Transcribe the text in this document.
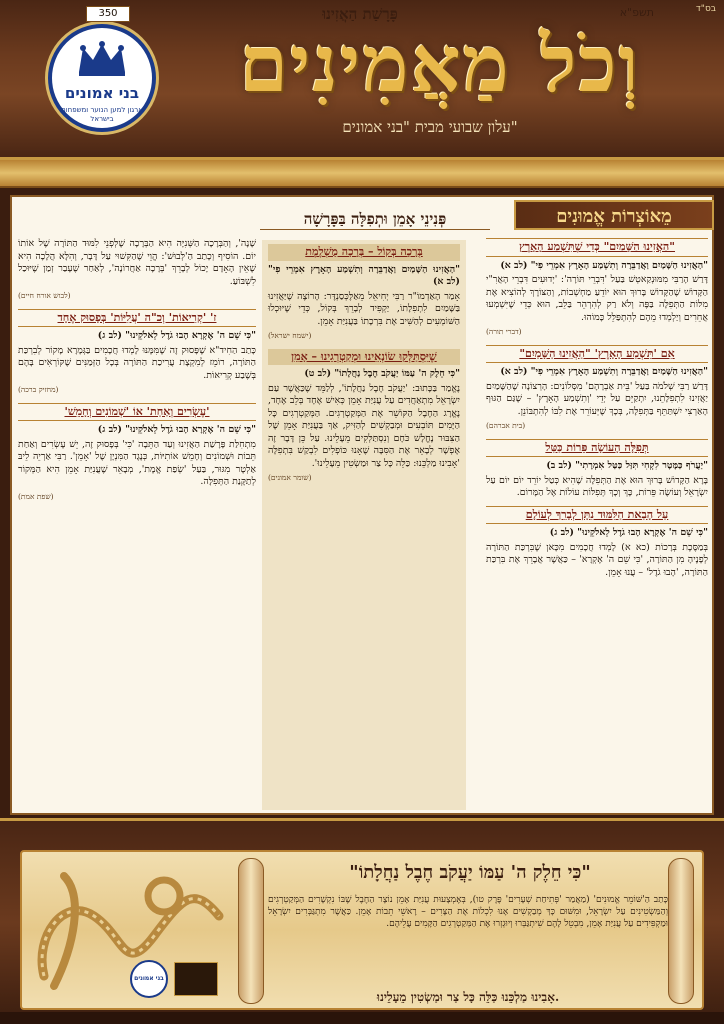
בס"ד
בני אמונים
ארגון למען הנוער ומשפחות בישראל
וְכֹל מַאֲמִינִים
עלון שבועי מבית "בני אמונים"
350	פָּרָשַׁת הַאֲזִינוּ	תשפ"א
מֵאוֹצְרוֹת אֱמוּנִים
פְּנִינֵי אָמֵן וּתְפִלָּה בַּפָּרָשָׁה
"הַאֲזִינוּ הַשָּׁמַיִם" כְּדֵי שֶׁתִּשְׁמַע הָאָרֶץ
"הַאֲזִינוּ הַשָּׁמַיִם וַאֲדַבֵּרָה וְתִשְׁמַע הָאָרֶץ אִמְרֵי פִי" (לב א)
דָּרַשׁ הָרַבִּי מִמּוּנְקַאטְשׁ בַּעַל 'דִּבְרֵי תּוֹרָה': 'יְדוּעִים דִּבְרֵי הָאֲרִ"י הַקָּדוֹשׁ שֶׁהַקָּדוֹשׁ בָּרוּךְ הוּא יוֹדֵעַ מַחְשְׁבוֹת, וְהַצּוֹרֶךְ לְהוֹצִיא אֶת מִלּוֹת הַתְּפִלָּה בַּפֶּה וְלֹא רַק לְהִרְהֵר בַּלֵּב, הוּא כְּדֵי שֶׁיִּשְׁמְעוּ אֲחֵרִים וְיַלְמְדוּ מֵהֶם לְהִתְפַּלֵּל כָּמוֹהוּ.
(דברי תורה)
אִם 'תִּשְׁמַע הָאָרֶץ' "הַאֲזִינוּ הַשָּׁמַיִם"
"הַאֲזִינוּ הַשָּׁמַיִם וַאֲדַבֵּרָה וְתִשְׁמַע הָאָרֶץ אִמְרֵי פִי" (לב א)
דָּרַשׁ רַבִּי שְׁלֹמֹה בַּעַל 'בֵּית אַבְרָהָם' מִסְּלוֹנִים: הָרְצוֹנָה שֶׁהַשָּׁמַיִם יַאֲזִינוּ לִתְפִלָּתֵנוּ, יִתְקַיֵּם עַל יְדֵי 'וְתִשְׁמַע הָאָרֶץ' – שֶׁגַּם הַגּוּף הָאַרְצִי יִשְׁתַּתֵּף בַּתְּפִלָּה, בְּכָךְ שֶׁיְּעוֹרֵר אֶת לִבּוֹ לְהִתְבּוֹנֵן.
(בית אברהם)
תְּפִלָּה הָעוֹשָׂה פֵּרוֹת כַּטַּל
"יַעֲרֹף כַּמָּטָר לִקְחִי תִּזַּל כַּטַּל אִמְרָתִי" (לב ב)
בָּרָא הַקָּדוֹשׁ בָּרוּךְ הוּא אֶת הַתְּפִלָּה שֶׁהִיא כְּטַל יוֹרֵד יוֹם יוֹם עַל יִשְׂרָאֵל וְעוֹשֶׂה פֵּרוֹת, כָּךְ וְכָךְ תְּפִלּוֹת עוֹלוֹת אֶל הַמָּרוֹם.
עַל הָבַאת הַלִּמּוּד נִתָּן לְבָרֵךְ לְעוֹלָם
"כִּי שֵׁם ה' אֶקְרָא הָבוּ גֹדֶל לֵאלֹקֵינוּ" (לב ג)
בְּמַסֶּכֶת בְּרָכוֹת (כא א) לָמְדוּ חֲכָמִים מִכָּאן שֶׁבִּרְכַּת הַתּוֹרָה לְפָנֶיהָ מִן הַתּוֹרָה, 'כִּי שֵׁם ה' אֶקְרָא' – כַּאֲשֶׁר אֲבָרֵךְ אֶת בִּרְכַּת הַתּוֹרָה, 'הָבוּ גֹדֶל' – עֲנוּ אָמֵן.
בְּרָכָה בְּקוֹל – בְּרָכָה מֻשְׁלֶמֶת
"הַאֲזִינוּ הַשָּׁמַיִם וַאֲדַבֵּרָה וְתִשְׁמַע הָאָרֶץ אִמְרֵי פִי" (לב א)
אָמַר הָאַדְמוֹ"ר רַבִּי יְחִיאֵל מֵאַלֶּכְּסַנְדֶּר: הָרוֹצֶה שֶׁיַּאֲזִינוּ בַּשָּׁמַיִם לִתְפִלָּתוֹ, יַקְפִּיד לְבָרֵךְ בְּקוֹל, כְּדֵי שֶׁיּוּכְלוּ הַשּׁוֹמְעִים לְהַשִּׁיב אֶת בִּרְכָתוֹ בַּעֲנִיַּת אָמֵן.
(ישמח ישראל)
שֶׁיִּסְתַּלְּקוּ שׂוֹנְאֵינוּ וּמְקַטְרְגֵינוּ – אָמֵן
"כִּי חֵלֶק ה' עַמּוֹ יַעֲקֹב חֶבֶל נַחֲלָתוֹ" (לב ט)
נֶאֱמַר בַּכָּתוּב: 'יַעֲקֹב חֶבֶל נַחֲלָתוֹ', לְלַמֵּד שֶׁכַּאֲשֶׁר עַם יִשְׂרָאֵל מִתְאַחֲדִים עַל עֲנִיַּת אָמֵן כְּאִישׁ אֶחָד בְּלֵב אֶחָד, נֶאֱרָג הַחֶבֶל הַקּוֹשֵׁר אֶת הַמְּקַטְרְגִים. הַמְּקַטְרְגִים כָּל הַיָּמִים תּוֹבְעִים וּמְבַקְשִׁים לְהַזִּיק, אַךְ בַּעֲנִיַּת אָמֵן שֶׁל הַצִּבּוּר נֶחֱלָשׁ כֹּחָם וְנִסְתַּלְּקִים מֵעָלֵינוּ. עַל כֵּן דָּבָר זֶה אֶפְשָׁר לְבָאֵר אֶת הַסִּבָּה שֶׁאָנוּ כּוֹפְלִים לִבְקַשׁ בִּתְפִלָּה 'אָבִינוּ מַלְכֵּנוּ: כַּלֵּה כָּל צַר וּמַשְׂטִין מֵעָלֵינוּ'.
(שומר אמונים)
שָׁנָה', וְהַבְּרָכָה הַשְּׁנִיָּה הִיא הַבְּרָכָה שֶׁלְּפְנֵי לִמּוּד הַתּוֹרָה שֶׁל אוֹתוֹ יוֹם. הוֹסִיף וְכָתַב הַ'לְּבוּשׁ': הֱוֵי שֶׁהַקִּשׁוּי עַל דָּבָר, וְהִלָּא הֲלָכָה הִיא שֶׁאֵין הָאָדָם יָכוֹל לְבָרֵךְ 'בְּרָכָה אַחֲרוֹנָה', לְאַחַר שֶׁעָבַר זְמַן שֶׁיּוּכַל לִשְׁבּוֹעַ.
(לבוש אורח חיים)
ז' 'קְרִיאוֹת' וְכ"ה 'עֲלִיּוֹת' בְּפָסוּק אֶחָד
"כִּי שֵׁם ה' אֶקְרָא הָבוּ גֹדֶל לֵאלֹקֵינוּ" (לב ג)
כָּתַב הַחִיד"א שֶׁפָּסוּק זֶה שֶׁמִּמֶּנּוּ לָמְדוּ חֲכָמִים בַּגְּמָרָא מָקוֹר לְבִרְכַּת הַתּוֹרָה, רוֹמֵז לְמִקְצָת עֲרִיכַת הַתּוֹרָה בְּכָל הַזְּמַנִּים שֶׁקּוֹרְאִים בָּהֶם בְּשֶׁבַע קְרִיאוֹת.
(מחזיק ברכה)
'עֶשְׂרִים וְאַחַת' אוֹ 'שְׁמוֹנִים וְחָמֵשׁ'
"כִּי שֵׁם ה' אֶקְרָא הָבוּ גֹדֶל לֵאלֹקֵינוּ" (לב ג)
מִתְחִלַּת פָּרָשַׁת הַאֲזִינוּ וְעַד הַתֵּבָה 'כִּי' בְּפָסוּק זֶה, יֵשׁ עֶשְׂרִים וְאַחַת תֵּבוֹת וּשְׁמוֹנִים וְחָמֵשׁ אוֹתִיּוֹת, כְּנֶגֶד הַמִּנְיָן שֶׁל 'אָמֵן'. רַבִּי אַרְיֵה לֵיבּ אַלְטֶר מִגּוּר, בַּעַל 'שְׂפַת אֱמֶת', מְבָאֵר שֶׁעֲנִיַּת אָמֵן הִיא הַמְּקוֹר לְתַקָּנַת הַתְּפִלָּה.
(שפת אמת)
"כִּי חֵלֶק ה' עַמּוֹ יַעֲקֹב חֶבֶל נַחֲלָתוֹ"
כָּתַב הַ'שּׁוֹמֵר אֱמוּנִים' (מַאֲמַר 'פְּתִיחַת שְׁעָרִים' פֶּרֶק טו), בְּאֶמְצָעוּת עֲנִיַּת אָמֵן נוֹצָר הַחֶבֶל שֶׁבּוֹ נִקְשָׁרִים הַמְּקַטְרְגִים וְהַמַּשְׂטִינִים עַל יִשְׂרָאֵל, וּמִשּׁוּם כָּךְ מְבַקְשִׁים אָנוּ לִכְלוֹת אֶת הַצָּרִים – רָאשֵׁי תֵבוֹת אָמֵן. כַּאֲשֶׁר מִתְגַּבְּרִים יִשְׂרָאֵל וּמַקְפִּידִים עַל עֲנִיַּת אָמֵן, מִבְטֵל לָהֶם שִׁיתְגַּבְּרוּ וְיוּגְזְרוּ אֶת הַמְּקַטְרְגִים הַקָּמִים עֲלֵיהֶם.
אָבִינוּ מַלְכֵּנוּ כַּלֵּה כָּל צַר וּמַשְׂטִין מֵעָלֵינוּ.
בני אמונים
